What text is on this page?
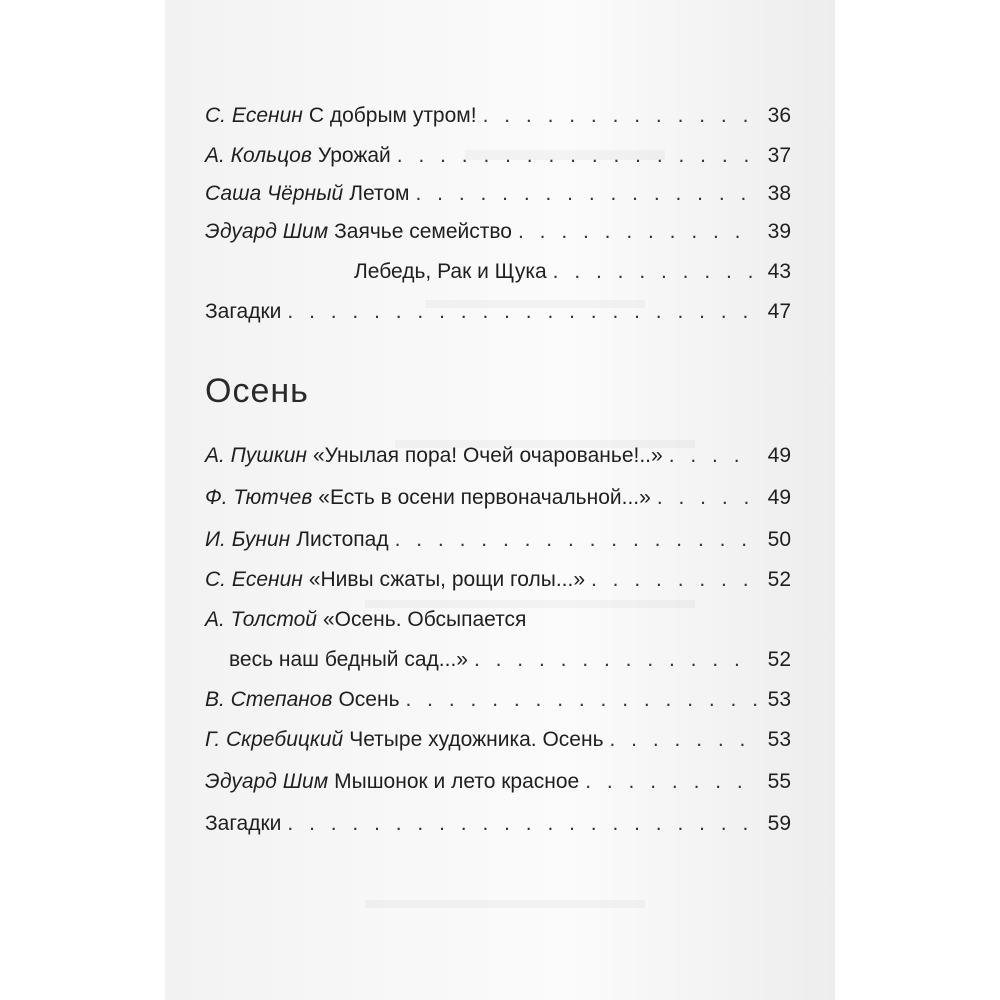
С. Есенин С добрым утром! . . .	36
А. Кольцов Урожай . . .	37
Саша Чёрный Летом . . .	38
Эдуард Шим Заячье семейство . . .	39
Лебедь, Рак и Щука . . .	43
Загадки . . .	47
Осень
А. Пушкин «Унылая пора! Очей очарованье!..» . . .	49
Ф. Тютчев «Есть в осени первоначальной...» . . .	49
И. Бунин Листопад . . .	50
С. Есенин «Нивы сжаты, рощи голы...» . . .	52
А. Толстой «Осень. Обсыпается
весь наш бедный сад...» . . .	52
В. Степанов Осень . . .	53
Г. Скребицкий Четыре художника. Осень . . .	53
Эдуард Шим Мышонок и лето красное . . .	55
Загадки . . .	59
